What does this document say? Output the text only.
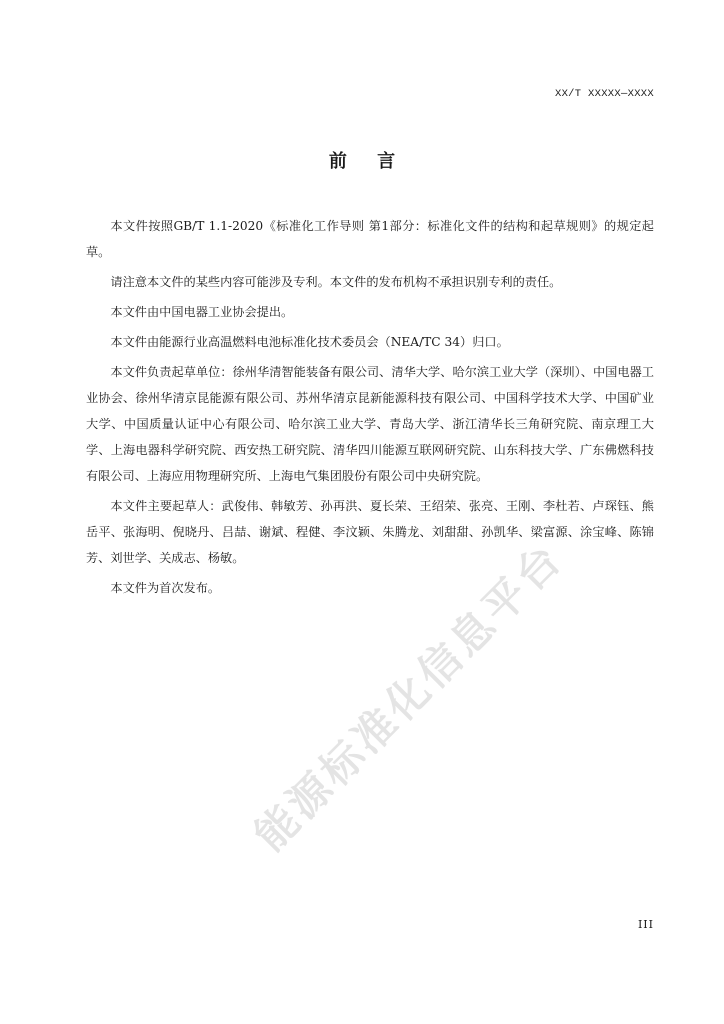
XX/T XXXXX—XXXX
前 言

本文件按照GB/T 1.1-2020《标准化工作导则 第1部分：标准化文件的结构和起草规则》的规定起草。

请注意本文件的某些内容可能涉及专利。本文件的发布机构不承担识别专利的责任。

本文件由中国电器工业协会提出。

本文件由能源行业高温燃料电池标准化技术委员会（NEA/TC 34）归口。

本文件负责起草单位：徐州华清智能装备有限公司、清华大学、哈尔滨工业大学（深圳）、中国电器工业协会、徐州华清京昆能源有限公司、苏州华清京昆新能源科技有限公司、中国科学技术大学、中国矿业大学、中国质量认证中心有限公司、哈尔滨工业大学、青岛大学、浙江清华长三角研究院、南京理工大学、上海电器科学研究院、西安热工研究院、清华四川能源互联网研究院、山东科技大学、广东佛燃科技有限公司、上海应用物理研究所、上海电气集团股份有限公司中央研究院。

本文件主要起草人：武俊伟、韩敏芳、孙再洪、夏长荣、王绍荣、张亮、王刚、李杜若、卢琛钰、熊岳平、张海明、倪晓丹、吕喆、谢斌、程健、李汶颖、朱腾龙、刘甜甜、孙凯华、梁富源、涂宝峰、陈锦芳、刘世学、关成志、杨敏。

本文件为首次发布。 能源标准化信息平台
III
